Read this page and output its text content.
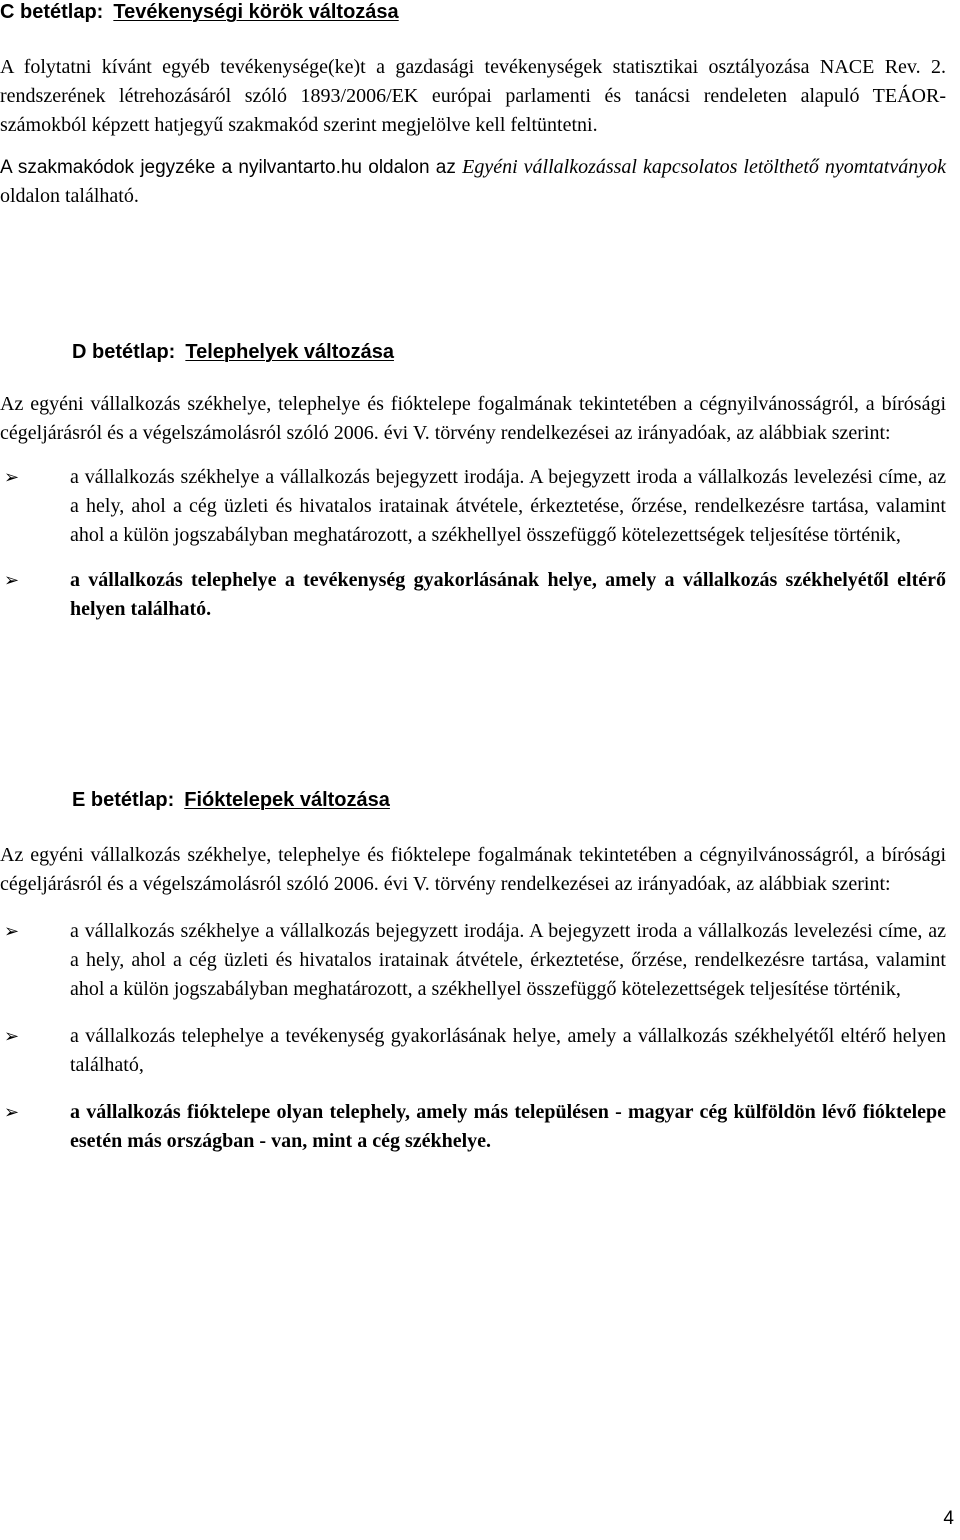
C betétlap: Tevékenységi körök változása

A folytatni kívánt egyéb tevékenysége(ke)t a gazdasági tevékenységek statisztikai osztályozása NACE Rev. 2. rendszerének létrehozásáról szóló 1893/2006/EK európai parlamenti és tanácsi rendeleten alapuló TEÁOR-számokból képzett hatjegyű szakmakód szerint megjelölve kell feltüntetni.

A szakmakódok jegyzéke a nyilvantarto.hu oldalon az Egyéni vállalkozással kapcsolatos letölthető nyomtatványok oldalon található.

D betétlap: Telephelyek változása

Az egyéni vállalkozás székhelye, telephelye és fióktelepe fogalmának tekintetében a cégnyilvánosságról, a bírósági cégeljárásról és a végelszámolásról szóló 2006. évi V. törvény rendelkezései az irányadóak, az alábbiak szerint:

➢	a vállalkozás székhelye a vállalkozás bejegyzett irodája. A bejegyzett iroda a vállalkozás levelezési címe, az a hely, ahol a cég üzleti és hivatalos iratainak átvétele, érkeztetése, őrzése, rendelkezésre tartása, valamint ahol a külön jogszabályban meghatározott, a székhellyel összefüggő kötelezettségek teljesítése történik,
➢	a vállalkozás telephelye a tevékenység gyakorlásának helye, amely a vállalkozás székhelyétől eltérő helyen található.
E betétlap: Fióktelepek változása

Az egyéni vállalkozás székhelye, telephelye és fióktelepe fogalmának tekintetében a cégnyilvánosságról, a bírósági cégeljárásról és a végelszámolásról szóló 2006. évi V. törvény rendelkezései az irányadóak, az alábbiak szerint:

➢	a vállalkozás székhelye a vállalkozás bejegyzett irodája. A bejegyzett iroda a vállalkozás levelezési címe, az a hely, ahol a cég üzleti és hivatalos iratainak átvétele, érkeztetése, őrzése, rendelkezésre tartása, valamint ahol a külön jogszabályban meghatározott, a székhellyel összefüggő kötelezettségek teljesítése történik,
➢	a vállalkozás telephelye a tevékenység gyakorlásának helye, amely a vállalkozás székhelyétől eltérő helyen található,
➢	a vállalkozás fióktelepe olyan telephely, amely más településen - magyar cég külföldön lévő fióktelepe esetén más országban - van, mint a cég székhelye.
4
